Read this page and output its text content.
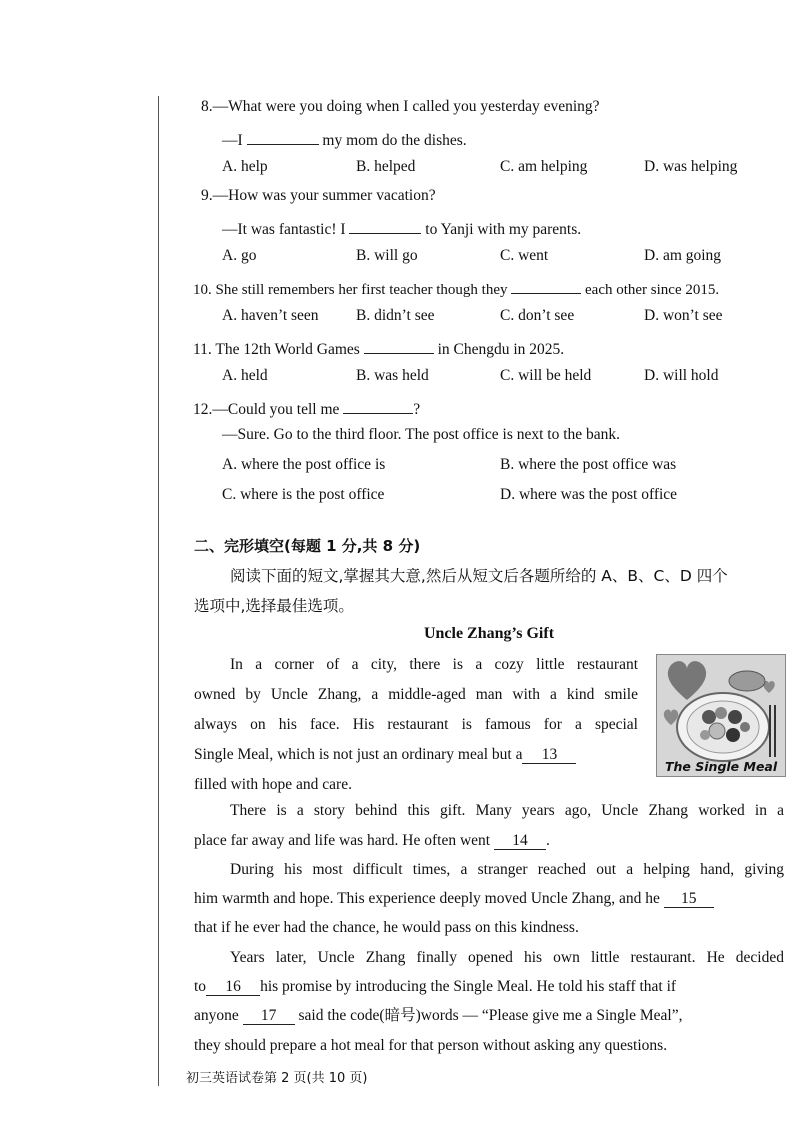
8.—What were you doing when I called you yesterday evening?
—I	my mom do the dishes.
A. help	B. helped	C. am helping	D. was helping
9.—How was your summer vacation?
—It was fantastic! I	to Yanji with my parents.
A. go	B. will go	C. went	D. am going
10. She still remembers her first teacher though they	each other since 2015.
A. haven’t seen B. didn’t see	C. don’t see	D. won’t see
11. The 12th World Games	in Chengdu in 2025.
A. held	B. was held	C. will be held	D. will hold
12.—Could you tell me	?
—Sure. Go to the third floor. The post office is next to the bank.
A. where the post office is	B. where the post office was
C. where is the post office	D. where was the post office
二、完形填空(每题 1 分,共 8 分)
阅读下面的短文,掌握其大意,然后从短文后各题所给的 A、B、C、D 四个
选项中,选择最佳选项。
Uncle Zhang’s Gift
In a corner of a city, there is a cozy little restaurant
owned by Uncle Zhang, a middle-aged man with a kind smile
always on his face. His restaurant is famous for a special
Single Meal, which is not just an ordinary meal but a 13
filled with hope and care.
The Single Meal
There is a story behind this gift. Many years ago, Uncle Zhang worked in a
place far away and life was hard. He often went 14 .
During his most difficult times, a stranger reached out a helping hand, giving
him warmth and hope. This experience deeply moved Uncle Zhang, and he 15
that if he ever had the chance, he would pass on this kindness.
Years later, Uncle Zhang finally opened his own little restaurant. He decided
to 16 his promise by introducing the Single Meal. He told his staff that if
anyone 17 said the code(暗号)words — “Please give me a Single Meal”,
they should prepare a hot meal for that person without asking any questions.
初三英语试卷第 2 页(共 10 页)
